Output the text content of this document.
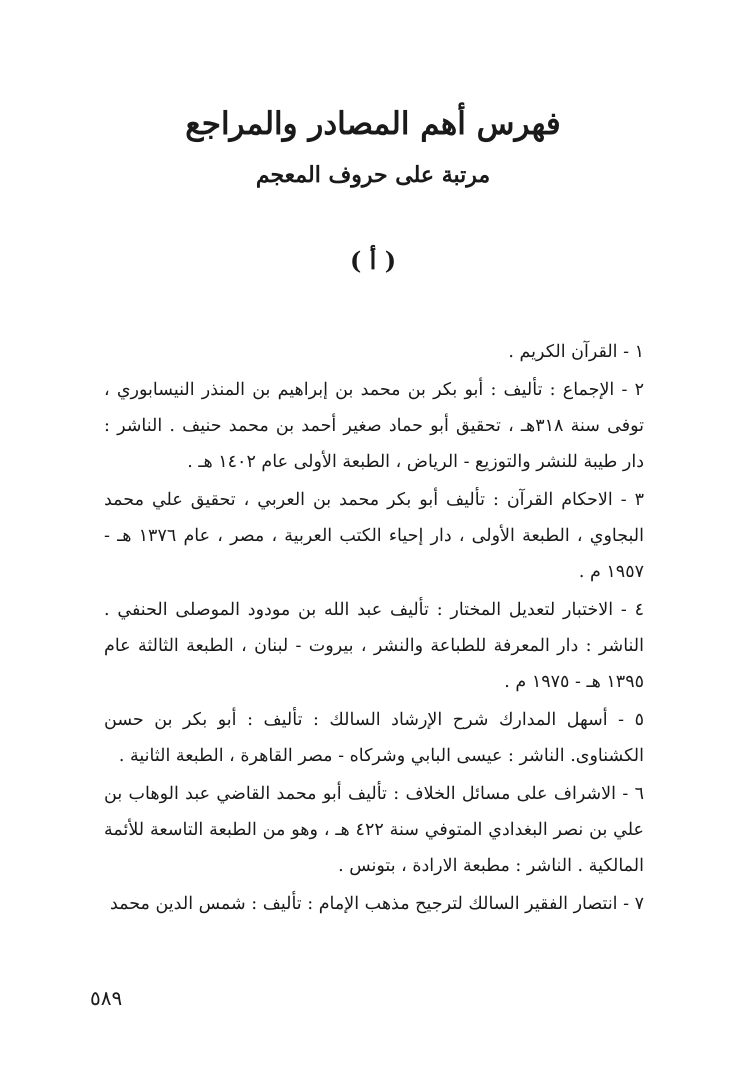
فهرس أهم المصادر والمراجع
مرتبة على حروف المعجم
( أ )
١ - القرآن الكريم .
٢ - الإجماع : تأليف : أبو بكر بن محمد بن إبراهيم بن المنذر النيسابوري ، توفى سنة ٣١٨هـ ، تحقيق أبو حماد صغير أحمد بن محمد حنيف . الناشر : دار طيبة للنشر والتوزيع - الرياض ، الطبعة الأولى عام ١٤٠٢ هـ .
٣ - الاحكام القرآن : تأليف أبو بكر محمد بن العربي ، تحقيق علي محمد البجاوي ، الطبعة الأولى ، دار إحياء الكتب العربية ، مصر ، عام ١٣٧٦ هـ - ١٩٥٧ م .
٤ - الاختبار لتعديل المختار : تأليف عبد الله بن مودود الموصلى الحنفي . الناشر : دار المعرفة للطباعة والنشر ، بيروت - لبنان ، الطبعة الثالثة عام ١٣٩٥ هـ - ١٩٧٥ م .
٥ - أسهل المدارك شرح الإرشاد السالك : تأليف : أبو بكر بن حسن الكشناوى. الناشر : عيسى البابي وشركاه - مصر القاهرة ، الطبعة الثانية .
٦ - الاشراف على مسائل الخلاف : تأليف أبو محمد القاضي عبد الوهاب بن علي بن نصر البغدادي المتوفي سنة ٤٢٢ هـ ، وهو من الطبعة التاسعة للأئمة المالكية . الناشر : مطبعة الارادة ، بتونس .
٧ - انتصار الفقير السالك لترجيح مذهب الإمام : تأليف : شمس الدين محمد

٥٨٩
